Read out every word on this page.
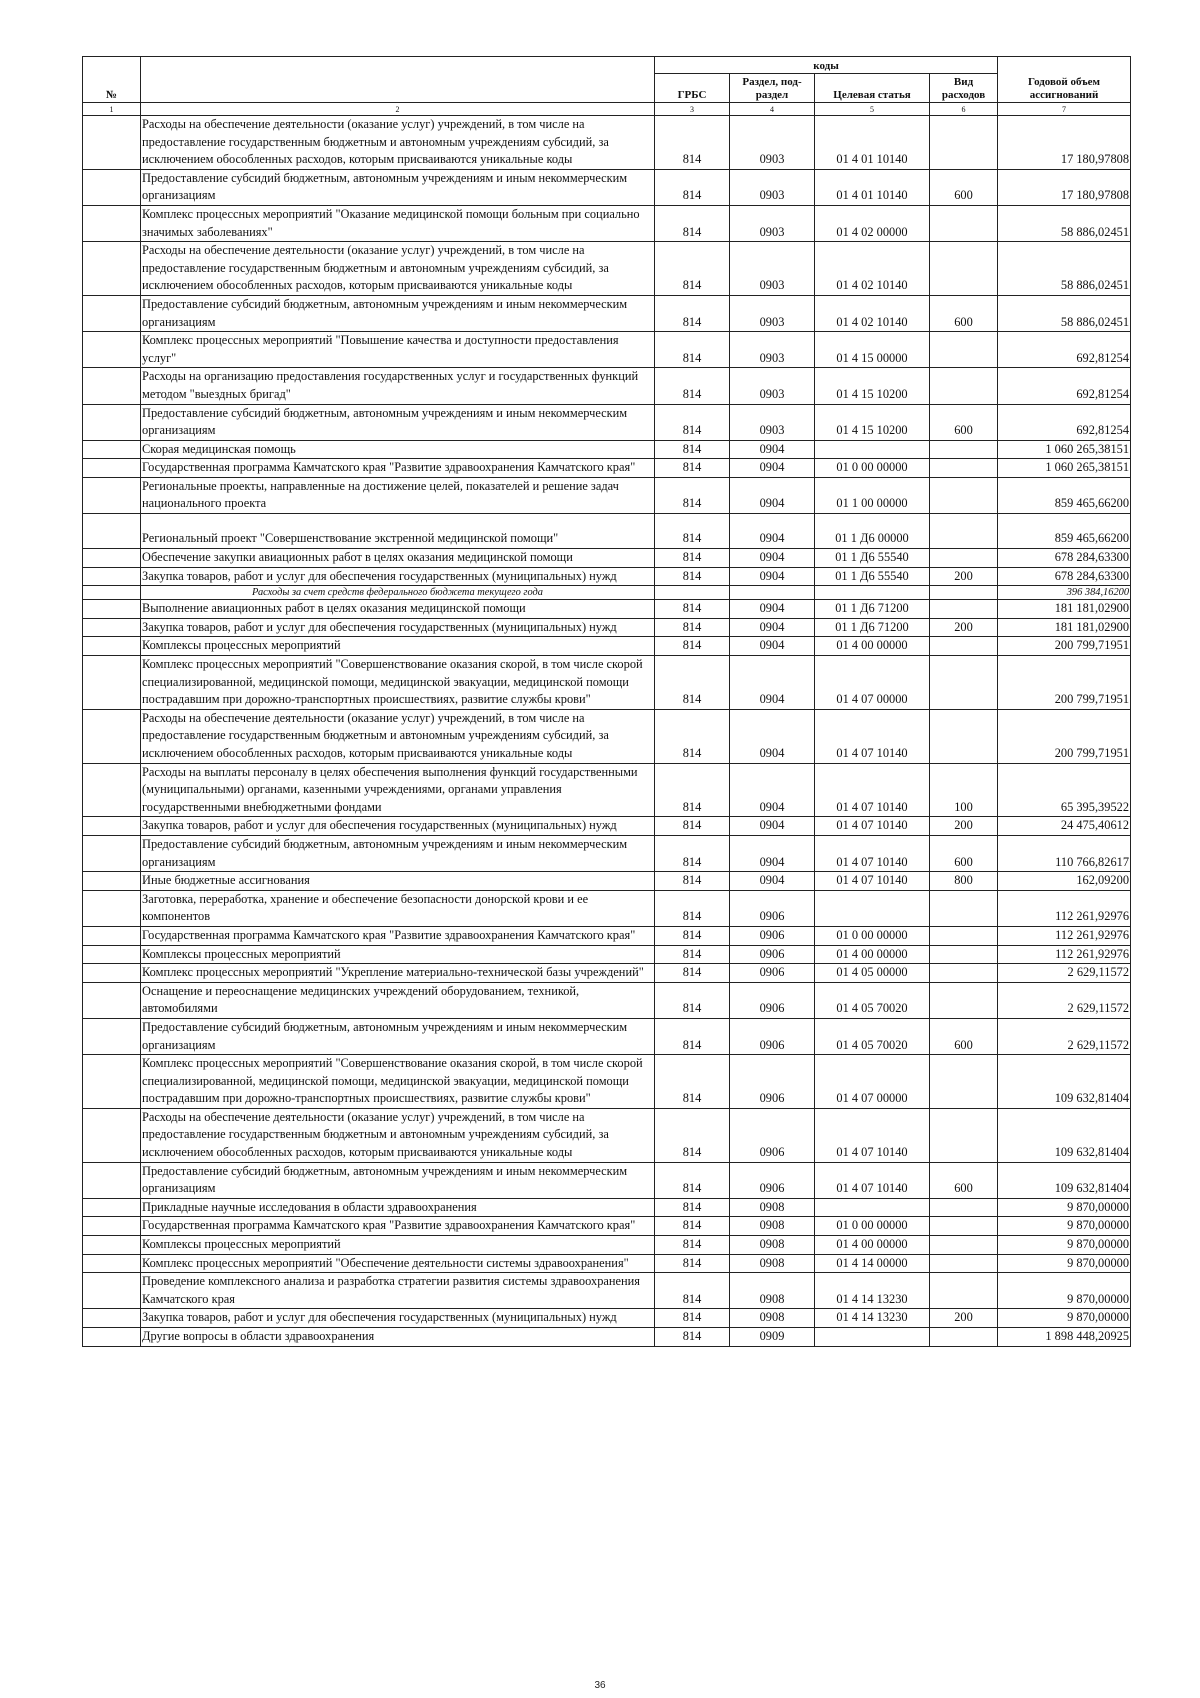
№		коды				Годовой объем ассигнований
		ГРБС	Раздел, под-раздел	Целевая статья	Вид расходов	
1	2	3	4	5	6	7
	Расходы на обеспечение деятельности (оказание услуг) учреждений, в том числе на предоставление государственным бюджетным и автономным учреждениям субсидий, за исключением обособленных расходов, которым присваиваются уникальные коды	814	0903	01 4 01 10140		17 180,97808
	Предоставление субсидий бюджетным, автономным учреждениям и иным некоммерческим организациям	814	0903	01 4 01 10140	600	17 180,97808
	Комплекс процессных мероприятий "Оказание медицинской помощи больным при социально значимых заболеваниях"	814	0903	01 4 02 00000		58 886,02451
	Расходы на обеспечение деятельности (оказание услуг) учреждений, в том числе на предоставление государственным бюджетным и автономным учреждениям субсидий, за исключением обособленных расходов, которым присваиваются уникальные коды	814	0903	01 4 02 10140		58 886,02451
	Предоставление субсидий бюджетным, автономным учреждениям и иным некоммерческим организациям	814	0903	01 4 02 10140	600	58 886,02451
	Комплекс процессных мероприятий "Повышение качества и доступности предоставления услуг"	814	0903	01 4 15 00000		692,81254
	Расходы на организацию предоставления государственных услуг и государственных функций методом "выездных бригад"	814	0903	01 4 15 10200		692,81254
	Предоставление субсидий бюджетным, автономным учреждениям и иным некоммерческим организациям	814	0903	01 4 15 10200	600	692,81254
	Скорая медицинская помощь	814	0904			1 060 265,38151
	Государственная программа Камчатского края "Развитие здравоохранения Камчатского края"	814	0904	01 0 00 00000		1 060 265,38151
	Региональные проекты, направленные на достижение целей, показателей и решение задач национального проекта	814	0904	01 1 00 00000		859 465,66200
	Региональный проект "Совершенствование экстренной медицинской помощи"	814	0904	01 1 Д6 00000		859 465,66200
	Обеспечение закупки авиационных работ в целях оказания медицинской помощи	814	0904	01 1 Д6 55540		678 284,63300
	Закупка товаров, работ и услуг для обеспечения государственных (муниципальных) нужд	814	0904	01 1 Д6 55540	200	678 284,63300
	Расходы за счет средств федерального бюджета текущего года					396 384,16200
	Выполнение авиационных работ в целях оказания медицинской помощи	814	0904	01 1 Д6 71200		181 181,02900
	Закупка товаров, работ и услуг для обеспечения государственных (муниципальных) нужд	814	0904	01 1 Д6 71200	200	181 181,02900
	Комплексы процессных мероприятий	814	0904	01 4 00 00000		200 799,71951
	Комплекс процессных мероприятий "Совершенствование оказания скорой, в том числе скорой специализированной, медицинской помощи, медицинской эвакуации, медицинской помощи пострадавшим при дорожно-транспортных происшествиях, развитие службы крови"	814	0904	01 4 07 00000		200 799,71951
	Расходы на обеспечение деятельности (оказание услуг) учреждений, в том числе на предоставление государственным бюджетным и автономным учреждениям субсидий, за исключением обособленных расходов, которым присваиваются уникальные коды	814	0904	01 4 07 10140		200 799,71951
	Расходы на выплаты персоналу в целях обеспечения выполнения функций государственными (муниципальными) органами, казенными учреждениями, органами управления государственными внебюджетными фондами	814	0904	01 4 07 10140	100	65 395,39522
	Закупка товаров, работ и услуг для обеспечения государственных (муниципальных) нужд	814	0904	01 4 07 10140	200	24 475,40612
	Предоставление субсидий бюджетным, автономным учреждениям и иным некоммерческим организациям	814	0904	01 4 07 10140	600	110 766,82617
	Иные бюджетные ассигнования	814	0904	01 4 07 10140	800	162,09200
	Заготовка, переработка, хранение и обеспечение безопасности донорской крови и ее компонентов	814	0906			112 261,92976
	Государственная программа Камчатского края "Развитие здравоохранения Камчатского края"	814	0906	01 0 00 00000		112 261,92976
	Комплексы процессных мероприятий	814	0906	01 4 00 00000		112 261,92976
	Комплекс процессных мероприятий "Укрепление материально-технической базы учреждений"	814	0906	01 4 05 00000		2 629,11572
	Оснащение и переоснащение медицинских учреждений оборудованием, техникой, автомобилями	814	0906	01 4 05 70020		2 629,11572
	Предоставление субсидий бюджетным, автономным учреждениям и иным некоммерческим организациям	814	0906	01 4 05 70020	600	2 629,11572
	Комплекс процессных мероприятий "Совершенствование оказания скорой, в том числе скорой специализированной, медицинской помощи, медицинской эвакуации, медицинской помощи пострадавшим при дорожно-транспортных происшествиях, развитие службы крови"	814	0906	01 4 07 00000		109 632,81404
	Расходы на обеспечение деятельности (оказание услуг) учреждений, в том числе на предоставление государственным бюджетным и автономным учреждениям субсидий, за исключением обособленных расходов, которым присваиваются уникальные коды	814	0906	01 4 07 10140		109 632,81404
	Предоставление субсидий бюджетным, автономным учреждениям и иным некоммерческим организациям	814	0906	01 4 07 10140	600	109 632,81404
	Прикладные научные исследования в области здравоохранения	814	0908			9 870,00000
	Государственная программа Камчатского края "Развитие здравоохранения Камчатского края"	814	0908	01 0 00 00000		9 870,00000
	Комплексы процессных мероприятий	814	0908	01 4 00 00000		9 870,00000
	Комплекс процессных мероприятий "Обеспечение деятельности системы здравоохранения"	814	0908	01 4 14 00000		9 870,00000
	Проведение комплексного анализа и разработка стратегии развития системы здравоохранения Камчатского края	814	0908	01 4 14 13230		9 870,00000
	Закупка товаров, работ и услуг для обеспечения государственных (муниципальных) нужд	814	0908	01 4 14 13230	200	9 870,00000
	Другие вопросы в области здравоохранения	814	0909			1 898 448,20925
36
